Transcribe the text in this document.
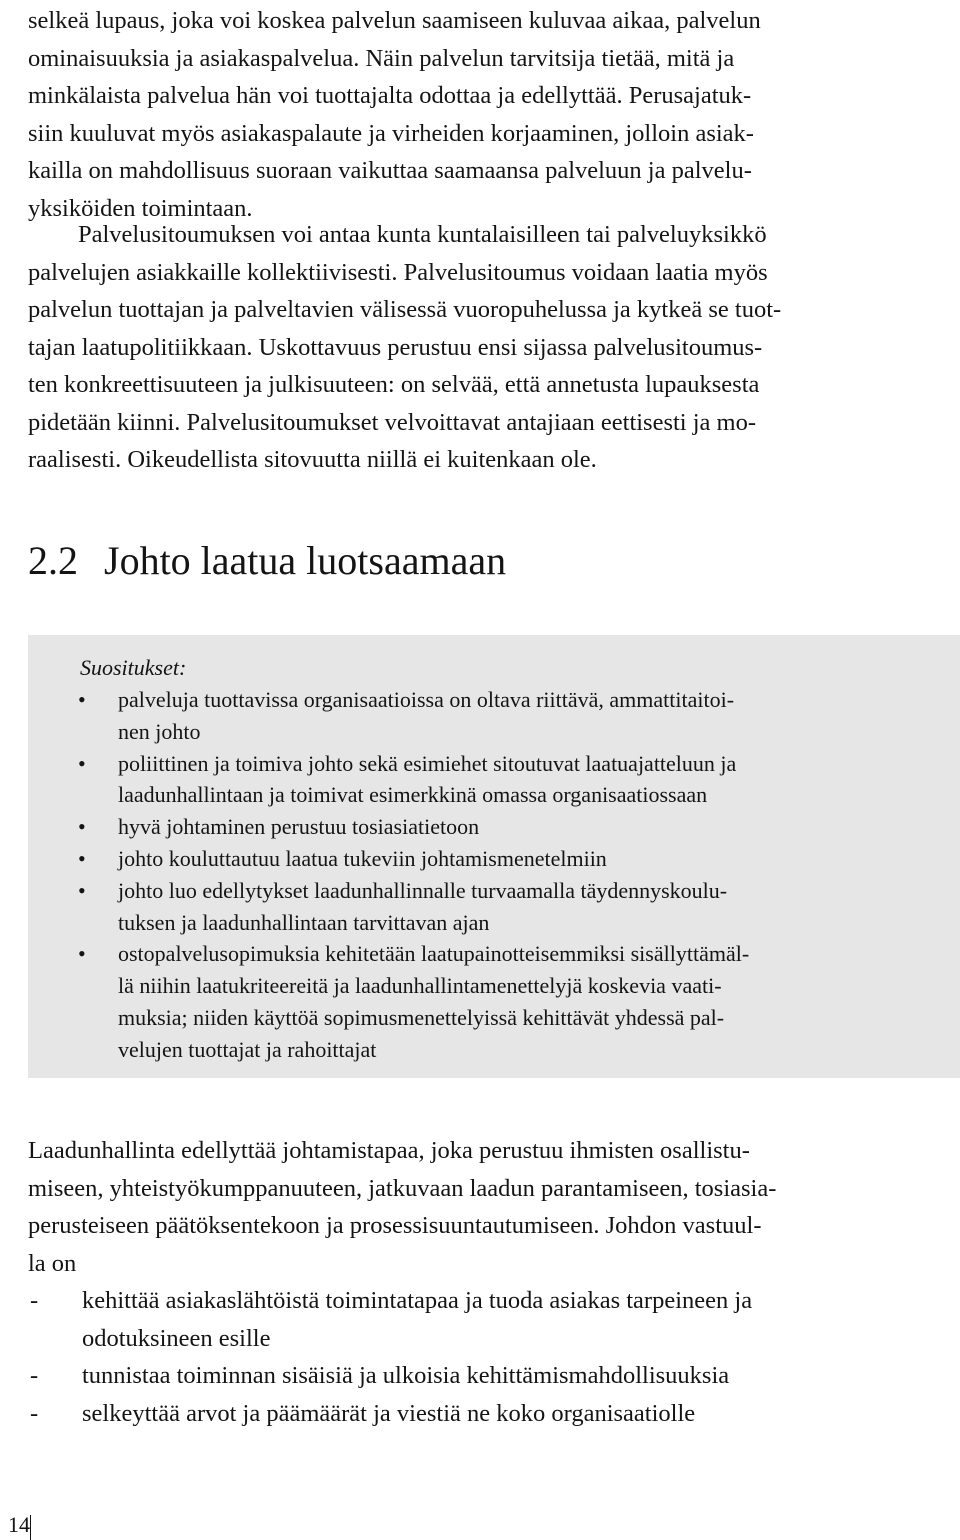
selkeä lupaus, joka voi koskea palvelun saamiseen kuluvaa aikaa, palvelun
ominaisuuksia ja asiakaspalvelua. Näin palvelun tarvitsija tietää, mitä ja
minkälaista palvelua hän voi tuottajalta odottaa ja edellyttää. Perusajatuk-
siin kuuluvat myös asiakaspalaute ja virheiden korjaaminen, jolloin asiak-
kailla on mahdollisuus suoraan vaikuttaa saamaansa palveluun ja palvelu-
yksiköiden toimintaan.
Palvelusitoumuksen voi antaa kunta kuntalaisilleen tai palveluyksikkö
palvelujen asiakkaille kollektiivisesti. Palvelusitoumus voidaan laatia myös
palvelun tuottajan ja palveltavien välisessä vuoropuhelussa ja kytkeä se tuot-
tajan laatupolitiikkaan. Uskottavuus perustuu ensi sijassa palvelusitoumus-
ten konkreettisuuteen ja julkisuuteen: on selvää, että annetusta lupauksesta
pidetään kiinni. Palvelusitoumukset velvoittavat antajiaan eettisesti ja mo-
raalisesti. Oikeudellista sitovuutta niillä ei kuitenkaan ole.
2.2 Johto laatua luotsaamaan

Suositukset:

•	palveluja tuottavissa organisaatioissa on oltava riittävä, ammattitaitoi-
nen johto
•	poliittinen ja toimiva johto sekä esimiehet sitoutuvat laatuajatteluun ja
laadunhallintaan ja toimivat esimerkkinä omassa organisaatiossaan
•	hyvä johtaminen perustuu tosiasiatietoon
•	johto kouluttautuu laatua tukeviin johtamismenetelmiin
•	johto luo edellytykset laadunhallinnalle turvaamalla täydennyskoulu-
tuksen ja laadunhallintaan tarvittavan ajan
•	ostopalvelusopimuksia kehitetään laatupainotteisemmiksi sisällyttämäl-
lä niihin laatukriteereitä ja laadunhallintamenettelyjä koskevia vaati-
muksia; niiden käyttöä sopimusmenettelyissä kehittävät yhdessä pal-
velujen tuottajat ja rahoittajat
Laadunhallinta edellyttää johtamistapaa, joka perustuu ihmisten osallistu-
miseen, yhteistyökumppanuuteen, jatkuvaan laadun parantamiseen, tosiasia-
perusteiseen päätöksentekoon ja prosessisuuntautumiseen. Johdon vastuul-
la on
- kehittää asiakaslähtöistä toimintatapaa ja tuoda asiakas tarpeineen ja
odotuksineen esille
- tunnistaa toiminnan sisäisiä ja ulkoisia kehittämismahdollisuuksia
- selkeyttää arvot ja päämäärät ja viestiä ne koko organisaatiolle

14
